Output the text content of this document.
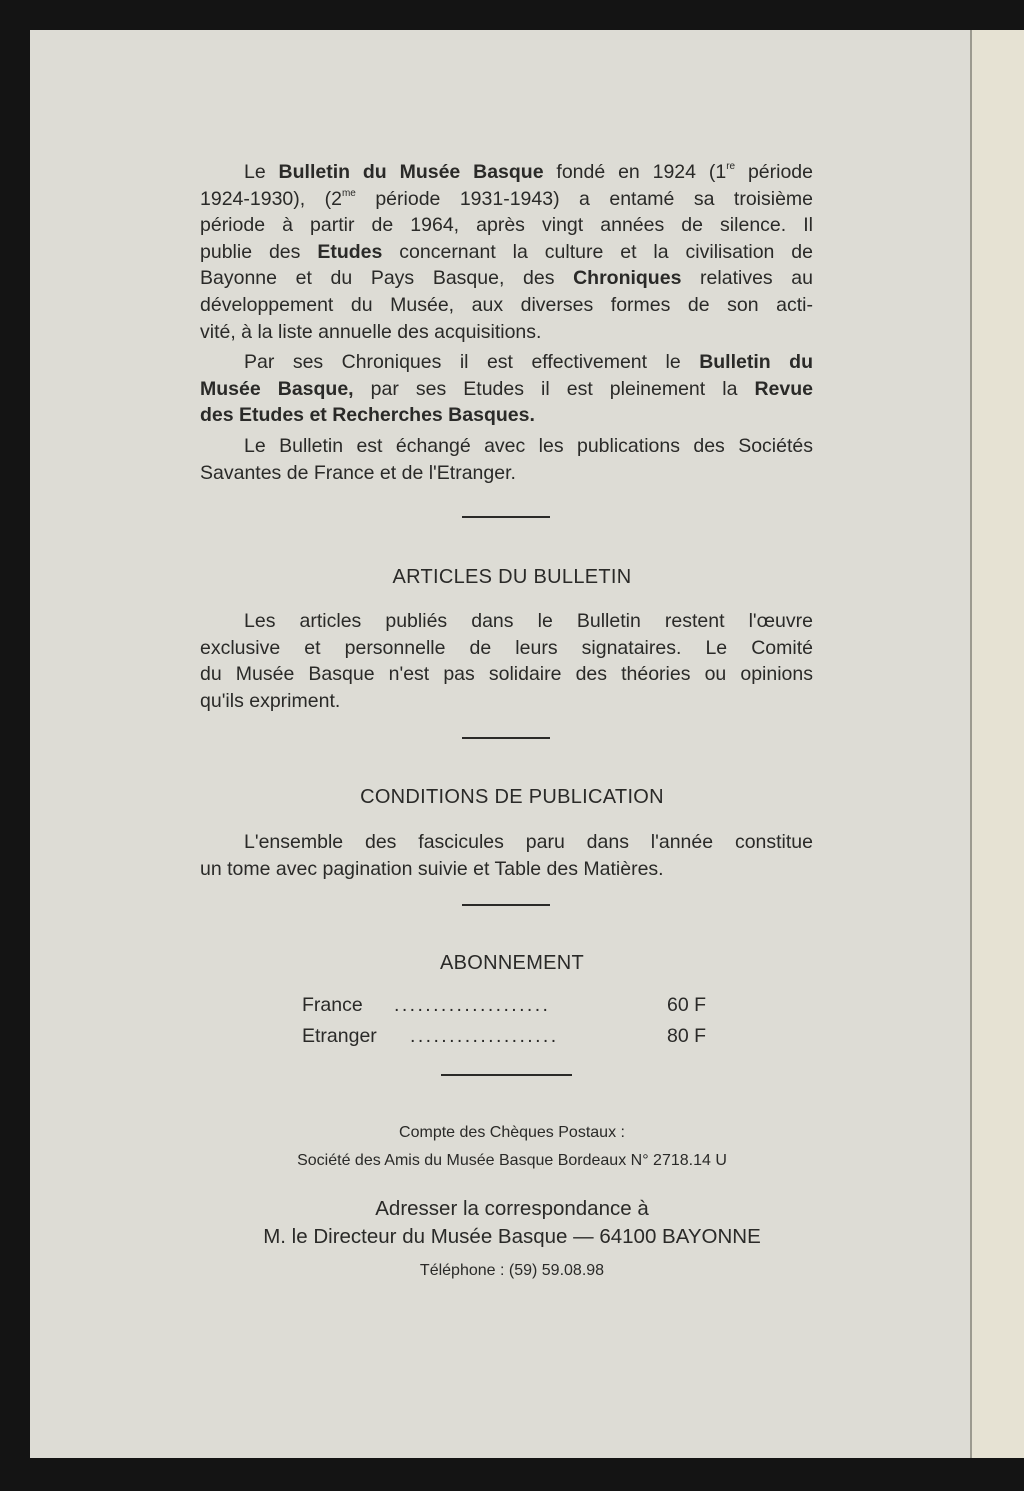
Le Bulletin du Musée Basque fondé en 1924 (1re période
1924-1930), ($2^{me}$ période 1931-1943) a entamé sa troisième
période à partir de 1964, après vingt années de silence. Il
publie des Etudes concernant la culture et la civilisation de
Bayonne et du Pays Basque, des Chroniques relatives au
développement du Musée, aux diverses formes de son acti-
vité, à la liste annuelle des acquisitions.
Par ses Chroniques il est effectivement le Bulletin du
Musée Basque, par ses Etudes il est pleinement la Revue
des Etudes et Recherches Basques.
Le Bulletin est échangé avec les publications des Sociétés
Savantes de France et de l'Etranger.
ARTICLES DU BULLETIN
Les articles publiés dans le Bulletin restent l'œuvre
exclusive et personnelle de leurs signataires. Le Comité
du Musée Basque n'est pas solidaire des théories ou opinions
qu'ils expriment.
CONDITIONS DE PUBLICATION
L'ensemble des fascicules paru dans l'année constitue
un tome avec pagination suivie et Table des Matières.
ABONNEMENT
France ....................	60 F
Etranger ...................	80 F
Compte des Chèques Postaux :
Société des Amis du Musée Basque Bordeaux N° 2718.14 U
Adresser la correspondance à
M. le Directeur du Musée Basque — 64100 BAYONNE
Téléphone : (59) 59.08.98
